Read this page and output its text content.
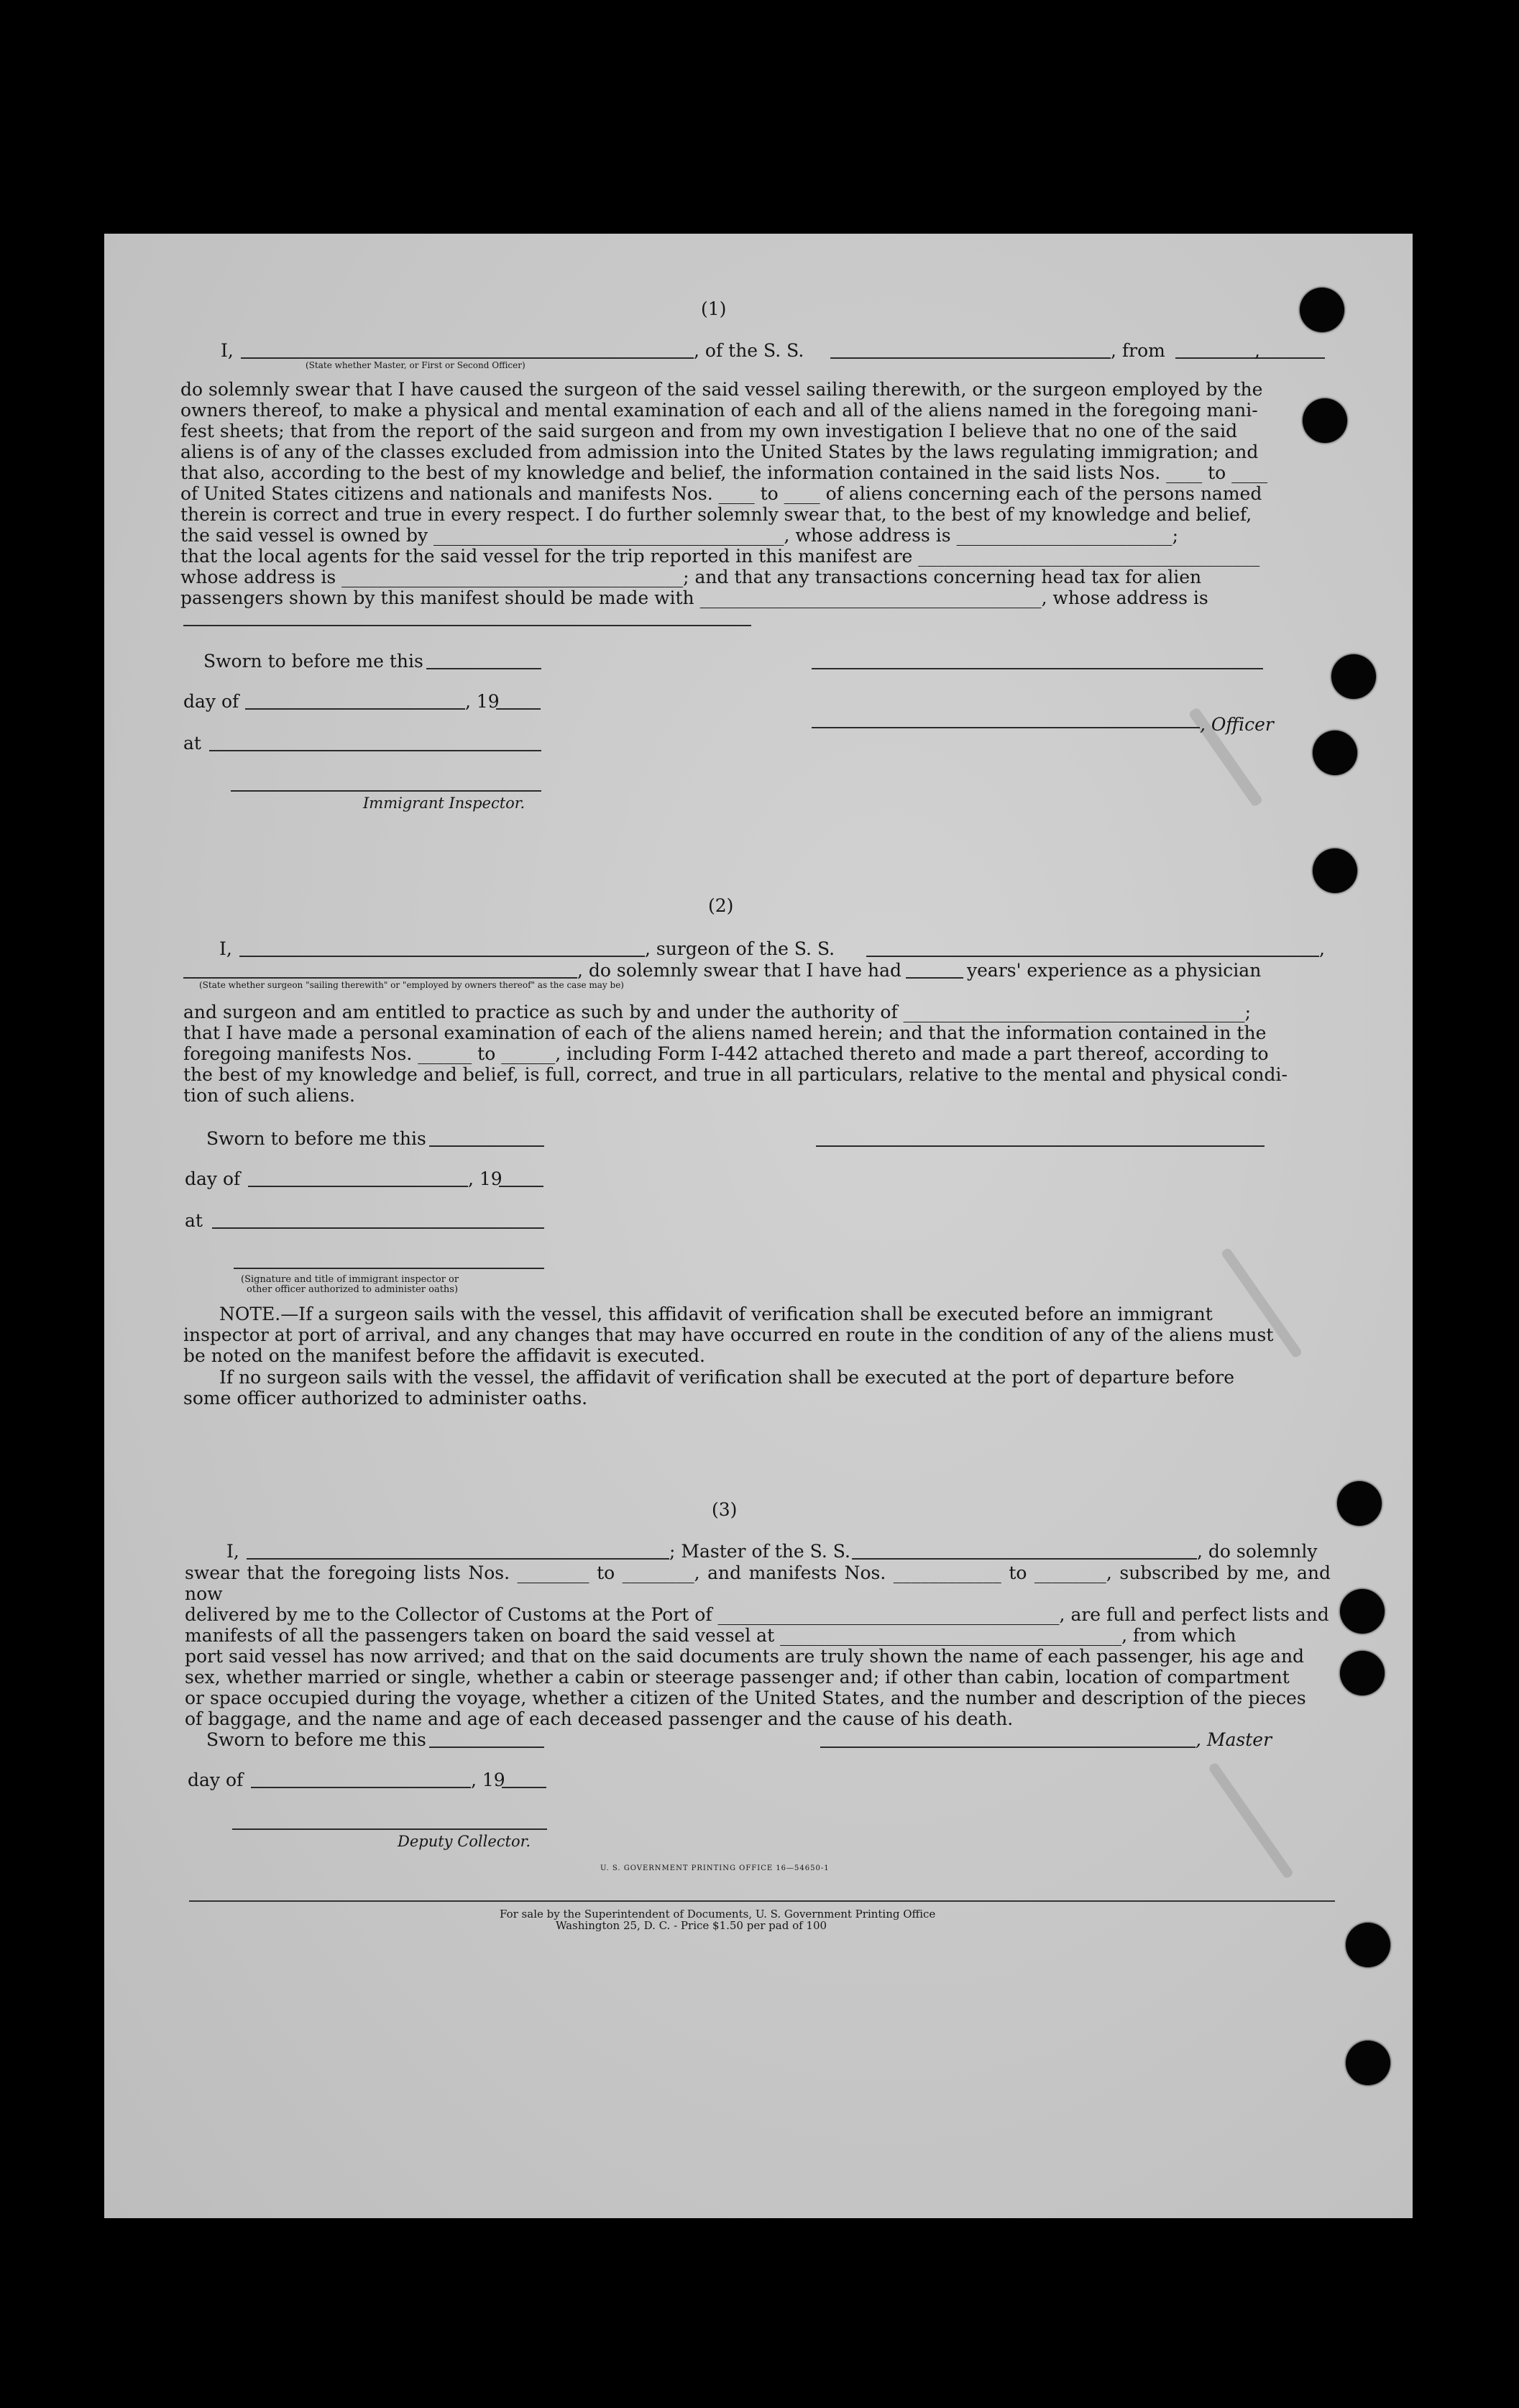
(1)
I,	, of the S. S.	, from	,
(State whether Master, or First or Second Officer)
do solemnly swear that I have caused the surgeon of the said vessel sailing therewith, or the surgeon employed by the
owners thereof, to make a physical and mental examination of each and all of the aliens named in the foregoing mani-
fest sheets; that from the report of the said surgeon and from my own investigation I believe that no one of the said
aliens is of any of the classes excluded from admission into the United States by the laws regulating immigration; and
that also, according to the best of my knowledge and belief, the information contained in the said lists Nos. ____ to ____
of United States citizens and nationals and manifests Nos. ____ to ____ of aliens concerning each of the persons named
therein is correct and true in every respect. I do further solemnly swear that, to the best of my knowledge and belief,
the said vessel is owned by _______________________________________, whose address is ________________________;
that the local agents for the said vessel for the trip reported in this manifest are ______________________________________
whose address is ______________________________________; and that any transactions concerning head tax for alien
passengers shown by this manifest should be made with ______________________________________, whose address is
Sworn to before me this
day of	, 19
at
Immigrant Inspector.
, Officer
(2)
I,	, surgeon of the S. S.	,
, do solemnly swear that I have had	years' experience as a physician
(State whether surgeon "sailing therewith" or "employed by owners thereof" as the case may be)
and surgeon and am entitled to practice as such by and under the authority of ______________________________________;
that I have made a personal examination of each of the aliens named herein; and that the information contained in the
foregoing manifests Nos. ______ to ______, including Form I-442 attached thereto and made a part thereof, according to
the best of my knowledge and belief, is full, correct, and true in all particulars, relative to the mental and physical condi-
tion of such aliens.
Sworn to before me this
day of	, 19
at
(Signature and title of immigrant inspector or
other officer authorized to administer oaths)
NOTE.—If a surgeon sails with the vessel, this affidavit of verification shall be executed before an immigrant
inspector at port of arrival, and any changes that may have occurred en route in the condition of any of the aliens must
be noted on the manifest before the affidavit is executed.
If no surgeon sails with the vessel, the affidavit of verification shall be executed at the port of departure before
some officer authorized to administer oaths.
(3)
I,	; Master of the S. S.	, do solemnly
swear that the foregoing lists Nos. ________ to ________, and manifests Nos. ____________ to ________, subscribed by me, and now
delivered by me to the Collector of Customs at the Port of ______________________________________, are full and perfect lists and
manifests of all the passengers taken on board the said vessel at ______________________________________, from which
port said vessel has now arrived; and that on the said documents are truly shown the name of each passenger, his age and
sex, whether married or single, whether a cabin or steerage passenger and; if other than cabin, location of compartment
or space occupied during the voyage, whether a citizen of the United States, and the number and description of the pieces
of baggage, and the name and age of each deceased passenger and the cause of his death.
Sworn to before me this	, Master
day of	, 19
Deputy Collector.
U. S. GOVERNMENT PRINTING OFFICE 16—54650-1
For sale by the Superintendent of Documents, U. S. Government Printing Office
Washington 25, D. C. - Price $1.50 per pad of 100
